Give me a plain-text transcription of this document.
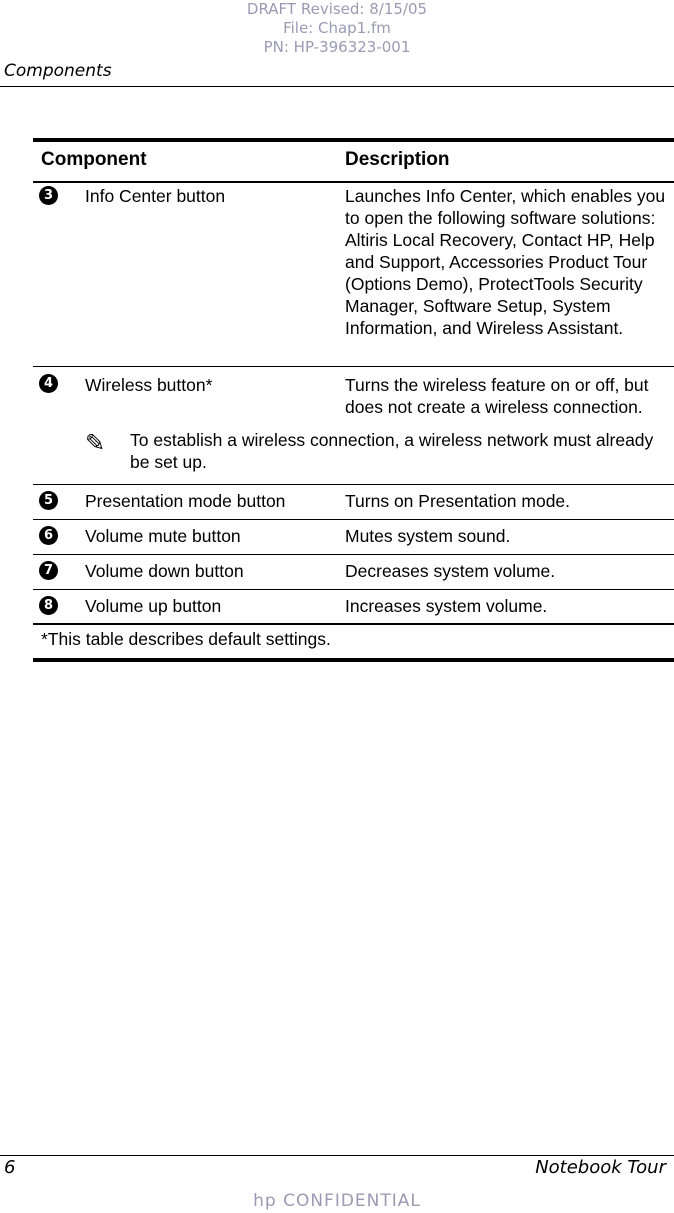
DRAFT Revised: 8/15/05
File: Chap1.fm
PN: HP-396323-001
Components
Component	Description
3 Info Center button	Launches Info Center, which enables you to open the following software solutions: Altiris Local Recovery, Contact HP, Help and Support, Accessories Product Tour (Options Demo), ProtectTools Security Manager, Software Setup, System Information, and Wireless Assistant.
4 Wireless button*	Turns the wireless feature on or off, but does not create a wireless connection.
✎ To establish a wireless connection, a wireless network must already be set up.
5 Presentation mode button	Turns on Presentation mode.
6 Volume mute button	Mutes system sound.
7 Volume down button	Decreases system volume.
8 Volume up button	Increases system volume.
*This table describes default settings.
6	Notebook Tour
hp CONFIDENTIAL
